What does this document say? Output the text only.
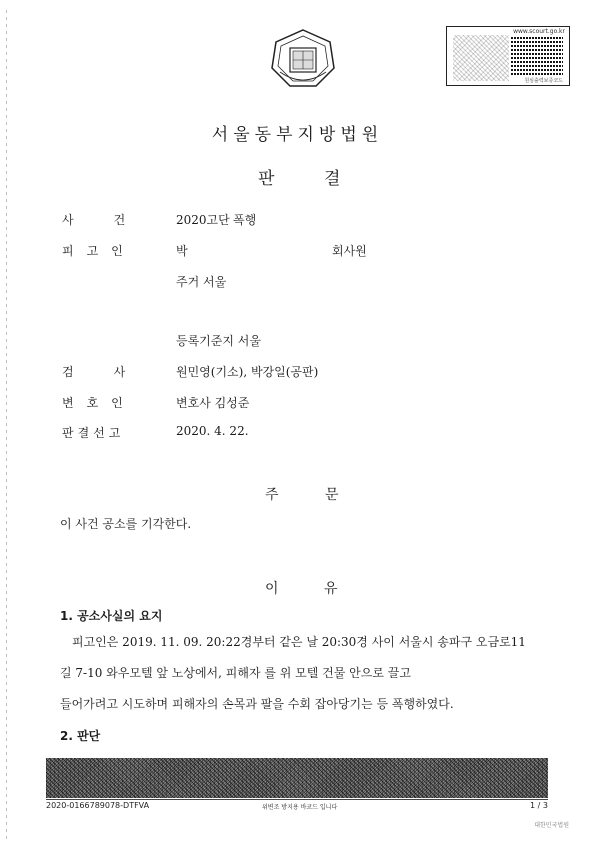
www.scourt.go.kr
원심출력보증코드
서울동부지방법원
판	결
사건 2020고단 폭행
피고인	박	회사원
주거 서울
등록기준지 서울
검사 원민영(기소), 박강일(공판)
변호인	변호사 김성준
판결선고	2020. 4. 22.
주	문
이 사건 공소를 기각한다.
이	유
1. 공소사실의 요지
피고인은 2019. 11. 09. 20:22경부터 같은 날 20:30경 사이 서울시 송파구 오금로11
길 7-10 와우모텔 앞 노상에서, 피해자 를 위 모텔 건물 안으로 끌고
들어가려고 시도하며 피해자의 손목과 팔을 수회 잡아당기는 등 폭행하였다.
2. 판단
2020-0166789078-DTFVA	위변조 방지용 바코드 입니다	1 / 3
대한민국법원
